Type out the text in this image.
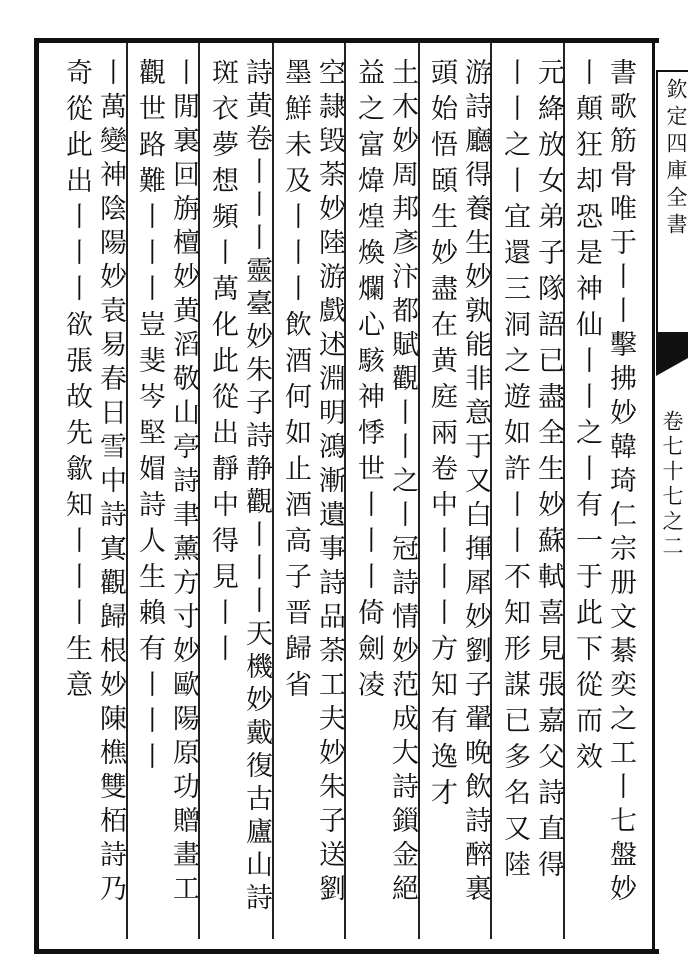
欽定四庫全書
卷七十七之二
書歌筋骨唯于丨丨擊拂妙韓琦仁宗册文綦奕之工丨七盤妙
丨顛狂却恐是神仙丨丨之丨有一于此下從而效
元絳放女弟子隊語已盡全生妙蘇軾喜見張嘉父詩直得
丨丨之丨宜還三洞之遊如許丨丨不知形謀已多名又陸
游詩廳得養生妙孰能非意于又白揮犀妙劉子翬晚飲詩醉裏
頭始悟頣生妙盡在黄庭兩卷中丨丨丨方知有逸才
土木妙周邦彥汴都賦觀丨丨之丨冠詩情妙范成大詩鎻金絕
益之富煒煌煥爛心駭神悸世丨丨丨倚劍凌
空隷毁荼妙陸游戲述淵明鴻漸遺事詩品荼工夫妙朱子送劉
墨鮮未及丨丨丨飲酒何如止酒高子晋歸省
詩黄卷丨丨丨靈臺妙朱子詩静觀丨丨丨天機妙戴復古廬山詩
斑衣夢想頻丨萬化此從出靜中得見丨丨
丨閒裏回旃檀妙黄滔敬山亭詩聿薰方寸妙歐陽原功贈畫工
觀世路難丨丨丨豈斐岑堅媢詩人生賴有丨丨丨
丨萬變神陰陽妙袁易春日雪中詩寘觀歸根妙陳樵雙栢詩乃
奇從此出丨丨丨欲張故先歙知丨丨丨生意
